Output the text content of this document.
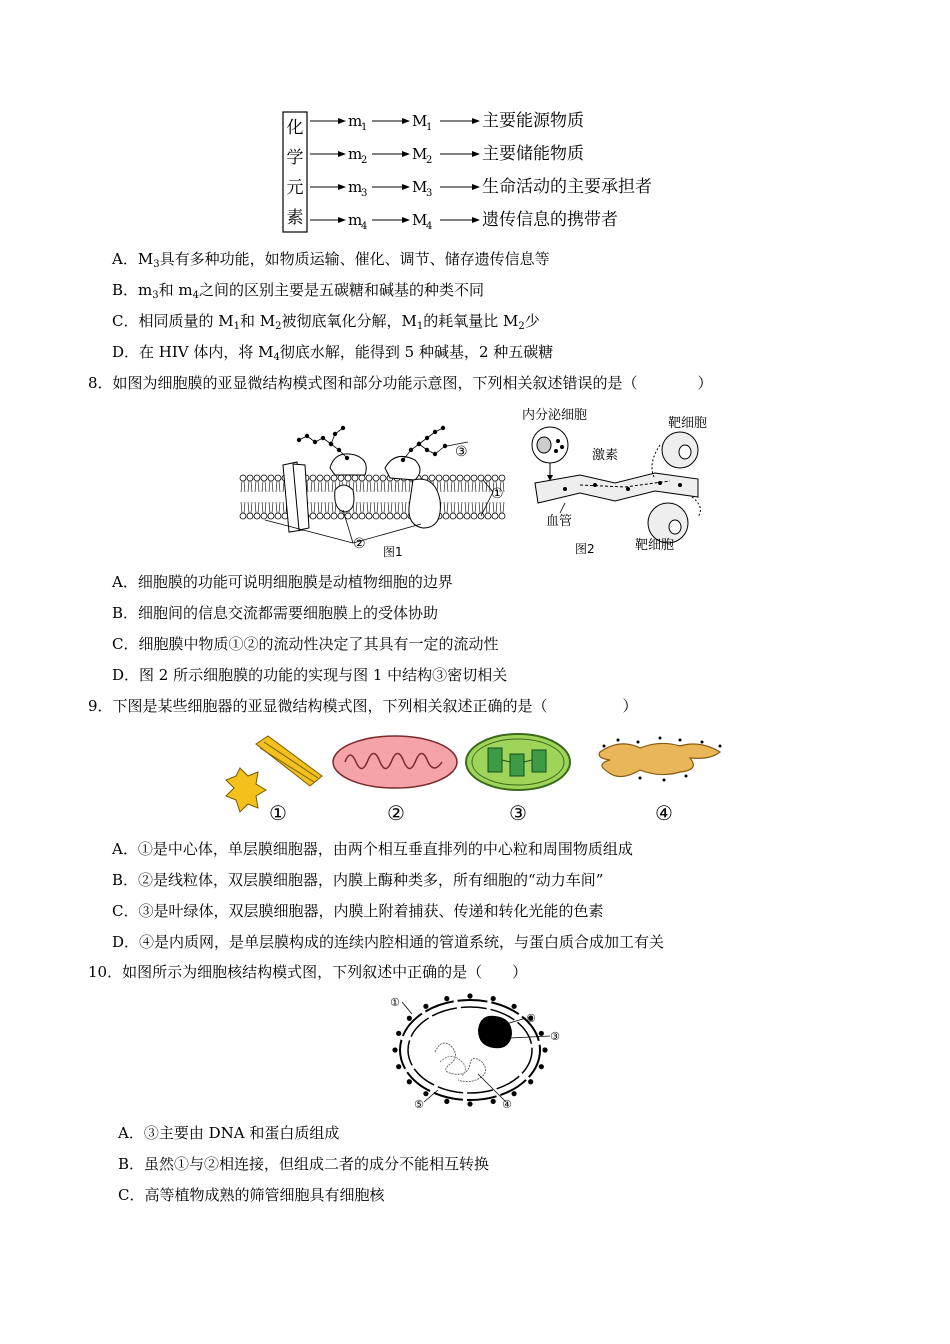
化
学
元
素
m
1	M
1	主要能源物质
m
2	M
2	主要储能物质
m
3	M
3	生命活动的主要承担者
m
4	M
4	遗传信息的携带者
A．$M_3$具有多种功能，如物质运输、催化、调节、储存遗传信息等
B．$m_3$和 $m_4$之间的区别主要是五碳糖和碱基的种类不同
C．相同质量的 $M_1$和 $M_2$被彻底氧化分解，$M_1$的耗氧量比 $M_2$少
D．在 HIV 体内，将 $M_4$彻底水解，能得到 5 种碱基，2 种五碳糖
8．如图为细胞膜的亚显微结构模式图和部分功能示意图，下列相关叙述错误的是（　　　　）
③
①
② 图1
内分泌细胞
激素
靶细胞
血管
靶细胞
图2
A．细胞膜的功能可说明细胞膜是动植物细胞的边界
B．细胞间的信息交流都需要细胞膜上的受体协助
C．细胞膜中物质①②的流动性决定了其具有一定的流动性
D．图 2 所示细胞膜的功能的实现与图 1 中结构③密切相关
9．下图是某些细胞器的亚显微结构模式图，下列相关叙述正确的是（　　　　　）
①	②	③	④
A．①是中心体，单层膜细胞器，由两个相互垂直排列的中心粒和周围物质组成
B．②是线粒体，双层膜细胞器，内膜上酶种类多，所有细胞的“动力车间”
C．③是叶绿体，双层膜细胞器，内膜上附着捕获、传递和转化光能的色素
D．④是内质网，是单层膜构成的连续内腔相通的管道系统，与蛋白质合成加工有关
10．如图所示为细胞核结构模式图，下列叙述中正确的是（　　）
①
②
③
④
⑤
A．③主要由 DNA 和蛋白质组成
B．虽然①与②相连接，但组成二者的成分不能相互转换
C．高等植物成熟的筛管细胞具有细胞核
